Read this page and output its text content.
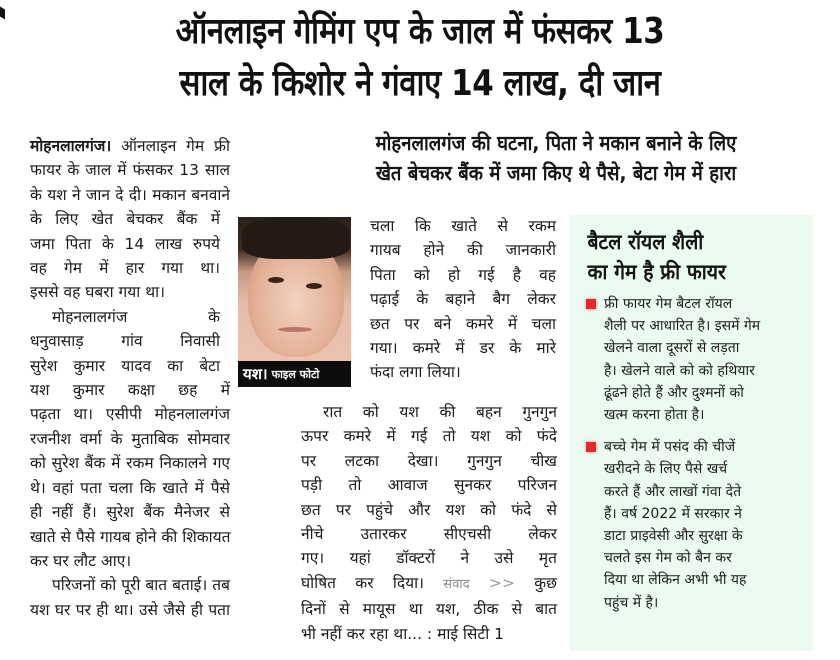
ऑनलाइन गेमिंग एप के जाल में फंसकर 13
साल के किशोर ने गंवाए 14 लाख, दी जान
मोहनलालगंज। ऑनलाइन गेम फ्री
फायर के जाल में फंसकर 13 साल
के यश ने जान दे दी। मकान बनवाने
के लिए खेत बेचकर बैंक में
जमा पिता के 14 लाख रुपये
वह गेम में हार गया था।
इससे वह घबरा गया था।
मोहनलालगंज के
धनुवासाड़ गांव निवासी
सुरेश कुमार यादव का बेटा
यश कुमार कक्षा छह में
पढ़ता था। एसीपी मोहनलालगंज
रजनीश वर्मा के मुताबिक सोमवार
को सुरेश बैंक में रकम निकालने गए
थे। वहां पता चला कि खाते में पैसे
ही नहीं हैं। सुरेश बैंक मैनेजर से
खाते से पैसे गायब होने की शिकायत
कर घर लौट आए।
परिजनों को पूरी बात बताई। तब
यश घर पर ही था। उसे जैसे ही पता
मोहनलालगंज की घटना, पिता ने मकान बनाने के लिए
खेत बेचकर बैंक में जमा किए थे पैसे, बेटा गेम में हारा
यश। फाइल फोटो
चला कि खाते से रकम
गायब होने की जानकारी
पिता को हो गई है वह
पढ़ाई के बहाने बैग लेकर
छत पर बने कमरे में चला
गया। कमरे में डर के मारे
फंदा लगा लिया।
रात को यश की बहन गुनगुन
ऊपर कमरे में गई तो यश को फंदे
पर लटका देखा। गुनगुन चीख
पड़ी तो आवाज सुनकर परिजन
छत पर पहुंचे और यश को फंदे से
नीचे उतारकर सीएचसी लेकर
गए। यहां डॉक्टरों ने उसे मृत
घोषित कर दिया। संवाद >> कुछ
दिनों से मायूस था यश, ठीक से बात
भी नहीं कर रहा था... : माई सिटी 1
बैटल रॉयल शैली
का गेम है फ्री फायर
फ्री फायर गेम बैटल रॉयल
शैली पर आधारित है। इसमें गेम
खेलने वाला दूसरों से लड़ता
है। खेलने वाले को को हथियार
ढूंढने होते हैं और दुश्मनों को
खत्म करना होता है।
बच्चे गेम में पसंद की चीजें
खरीदने के लिए पैसे खर्च
करते हैं और लाखों गंवा देते
हैं। वर्ष 2022 में सरकार ने
डाटा प्राइवेसी और सुरक्षा के
चलते इस गेम को बैन कर
दिया था लेकिन अभी भी यह
पहुंच में है।
